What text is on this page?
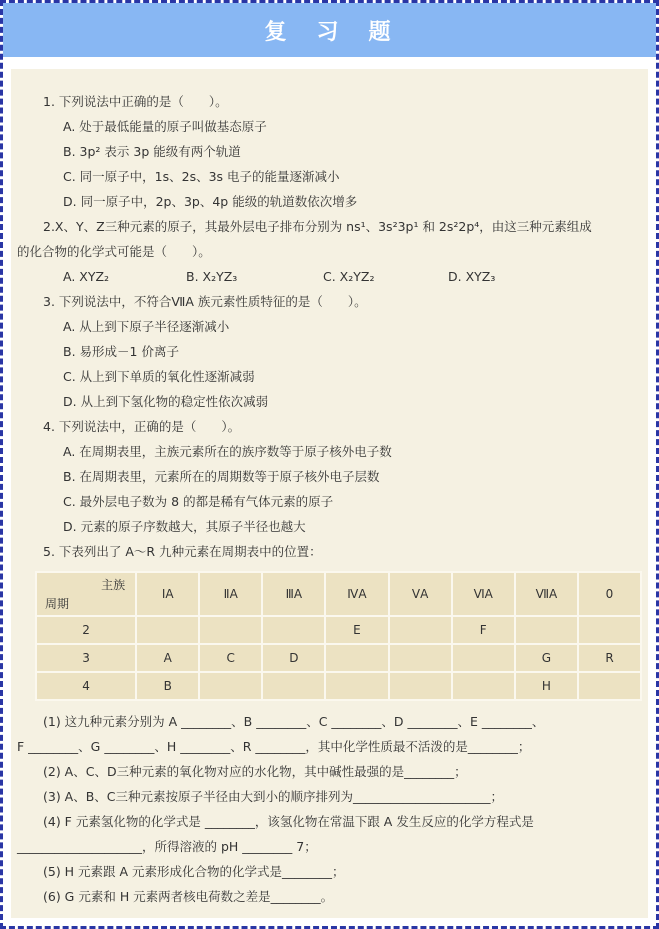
复　习　题
1. 下列说法中正确的是（　　）。
A. 处于最低能量的原子叫做基态原子
B. 3p² 表示 3p 能级有两个轨道
C. 同一原子中，1s、2s、3s 电子的能量逐渐减小
D. 同一原子中，2p、3p、4p 能级的轨道数依次增多
2.X、Y、Z三种元素的原子，其最外层电子排布分别为 ns¹、3s²3p¹ 和 2s²2p⁴，由这三种元素组成
的化合物的化学式可能是（　　）。
A. XYZ₂	B. X₂YZ₃	C. X₂YZ₂	D. XYZ₃
3. 下列说法中，不符合ⅦA 族元素性质特征的是（　　）。
A. 从上到下原子半径逐渐减小
B. 易形成－1 价离子
C. 从上到下单质的氧化性逐渐减弱
D. 从上到下氢化物的稳定性依次减弱
4. 下列说法中，正确的是（　　）。
A. 在周期表里，主族元素所在的族序数等于原子核外电子数
B. 在周期表里，元素所在的周期数等于原子核外电子层数
C. 最外层电子数为 8 的都是稀有气体元素的原子
D. 元素的原子序数越大，其原子半径也越大
5. 下表列出了 A～R 九种元素在周期表中的位置：
主族
周期	ⅠA	ⅡA	ⅢA	ⅣA	ⅤA	ⅥA	ⅦA	0
2				E		F		
3	A	C	D				G	R
4	B						H	
(1) 这九种元素分别为 A ________、B ________、C ________、D ________、E ________、
F ________、G ________、H ________、R ________，其中化学性质最不活泼的是________；
(2) A、C、D三种元素的氧化物对应的水化物，其中碱性最强的是________；
(3) A、B、C三种元素按原子半径由大到小的顺序排列为______________________；
(4) F 元素氢化物的化学式是 ________，该氢化物在常温下跟 A 发生反应的化学方程式是
____________________，所得溶液的 pH ________ 7；
(5) H 元素跟 A 元素形成化合物的化学式是________；
(6) G 元素和 H 元素两者核电荷数之差是________。
